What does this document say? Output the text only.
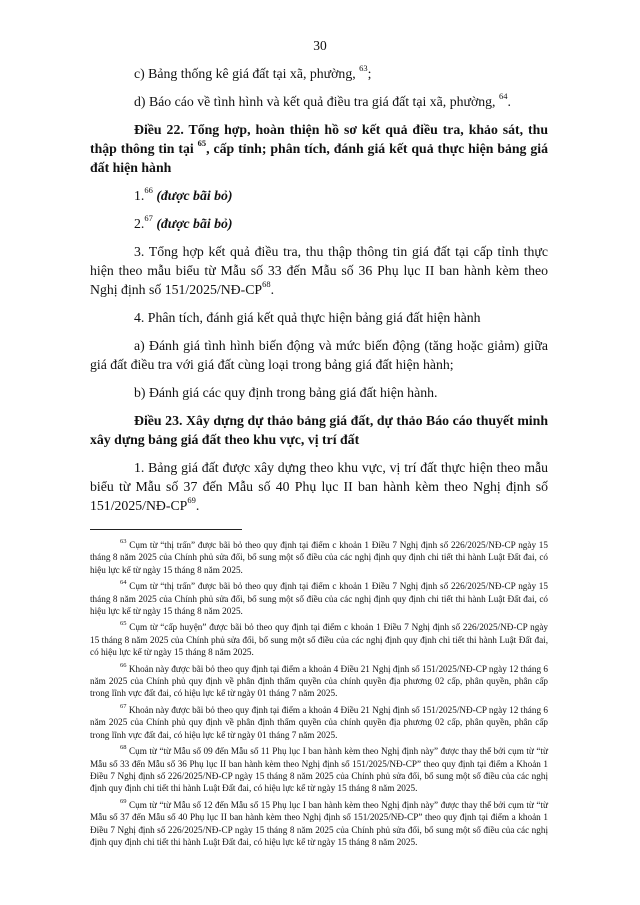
30

c) Bảng thống kê giá đất tại xã, phường, $^{63}$;

d) Báo cáo về tình hình và kết quả điều tra giá đất tại xã, phường, $^{64}$.

Điều 22. Tổng hợp, hoàn thiện hồ sơ kết quả điều tra, khảo sát, thu thập thông tin tại $^{65}$, cấp tỉnh; phân tích, đánh giá kết quả thực hiện bảng giá đất hiện hành

1.66 (được bãi bỏ)

2.67 (được bãi bỏ)

3. Tổng hợp kết quả điều tra, thu thập thông tin giá đất tại cấp tỉnh thực hiện theo mẫu biểu từ Mẫu số 33 đến Mẫu số 36 Phụ lục II ban hành kèm theo Nghị định số 151/2025/NĐ-CP$^{68}$.

4. Phân tích, đánh giá kết quả thực hiện bảng giá đất hiện hành

a) Đánh giá tình hình biến động và mức biến động (tăng hoặc giảm) giữa giá đất điều tra với giá đất cùng loại trong bảng giá đất hiện hành;

b) Đánh giá các quy định trong bảng giá đất hiện hành.

Điều 23. Xây dựng dự thảo bảng giá đất, dự thảo Báo cáo thuyết minh xây dựng bảng giá đất theo khu vực, vị trí đất

1. Bảng giá đất được xây dựng theo khu vực, vị trí đất thực hiện theo mẫu biểu từ Mẫu số 37 đến Mẫu số 40 Phụ lục II ban hành kèm theo Nghị định số 151/2025/NĐ-CP$^{69}$.

$^{63}$ Cụm từ “thị trấn” được bãi bỏ theo quy định tại điểm c khoản 1 Điều 7 Nghị định số 226/2025/NĐ-CP ngày 15 tháng 8 năm 2025 của Chính phủ sửa đổi, bổ sung một số điều của các nghị định quy định chi tiết thi hành Luật Đất đai, có hiệu lực kể từ ngày 15 tháng 8 năm 2025.

$^{64}$ Cụm từ “thị trấn” được bãi bỏ theo quy định tại điểm c khoản 1 Điều 7 Nghị định số 226/2025/NĐ-CP ngày 15 tháng 8 năm 2025 của Chính phủ sửa đổi, bổ sung một số điều của các nghị định quy định chi tiết thi hành Luật Đất đai, có hiệu lực kể từ ngày 15 tháng 8 năm 2025.

$^{65}$ Cụm từ “cấp huyện” được bãi bỏ theo quy định tại điểm c khoản 1 Điều 7 Nghị định số 226/2025/NĐ-CP ngày 15 tháng 8 năm 2025 của Chính phủ sửa đổi, bổ sung một số điều của các nghị định quy định chi tiết thi hành Luật Đất đai, có hiệu lực kể từ ngày 15 tháng 8 năm 2025.

$^{66}$ Khoản này được bãi bỏ theo quy định tại điểm a khoản 4 Điều 21 Nghị định số 151/2025/NĐ-CP ngày 12 tháng 6 năm 2025 của Chính phủ quy định về phân định thẩm quyền của chính quyền địa phương 02 cấp, phân quyền, phân cấp trong lĩnh vực đất đai, có hiệu lực kể từ ngày 01 tháng 7 năm 2025.

$^{67}$ Khoản này được bãi bỏ theo quy định tại điểm a khoản 4 Điều 21 Nghị định số 151/2025/NĐ-CP ngày 12 tháng 6 năm 2025 của Chính phủ quy định về phân định thẩm quyền của chính quyền địa phương 02 cấp, phân quyền, phân cấp trong lĩnh vực đất đai, có hiệu lực kể từ ngày 01 tháng 7 năm 2025.

$^{68}$ Cụm từ “từ Mẫu số 09 đến Mẫu số 11 Phụ lục I ban hành kèm theo Nghị định này” được thay thế bởi cụm từ “từ Mẫu số 33 đến Mẫu số 36 Phụ lục II ban hành kèm theo Nghị định số 151/2025/NĐ-CP” theo quy định tại điểm a Khoản 1 Điều 7 Nghị định số 226/2025/NĐ-CP ngày 15 tháng 8 năm 2025 của Chính phủ sửa đổi, bổ sung một số điều của các nghị định quy định chi tiết thi hành Luật Đất đai, có hiệu lực kể từ ngày 15 tháng 8 năm 2025.

$^{69}$ Cụm từ “từ Mẫu số 12 đến Mẫu số 15 Phụ lục I ban hành kèm theo Nghị định này” được thay thế bởi cụm từ “từ Mẫu số 37 đến Mẫu số 40 Phụ lục II ban hành kèm theo Nghị định số 151/2025/NĐ-CP” theo quy định tại điểm a khoản 1 Điều 7 Nghị định số 226/2025/NĐ-CP ngày 15 tháng 8 năm 2025 của Chính phủ sửa đổi, bổ sung một số điều của các nghị định quy định chi tiết thi hành Luật Đất đai, có hiệu lực kể từ ngày 15 tháng 8 năm 2025.
